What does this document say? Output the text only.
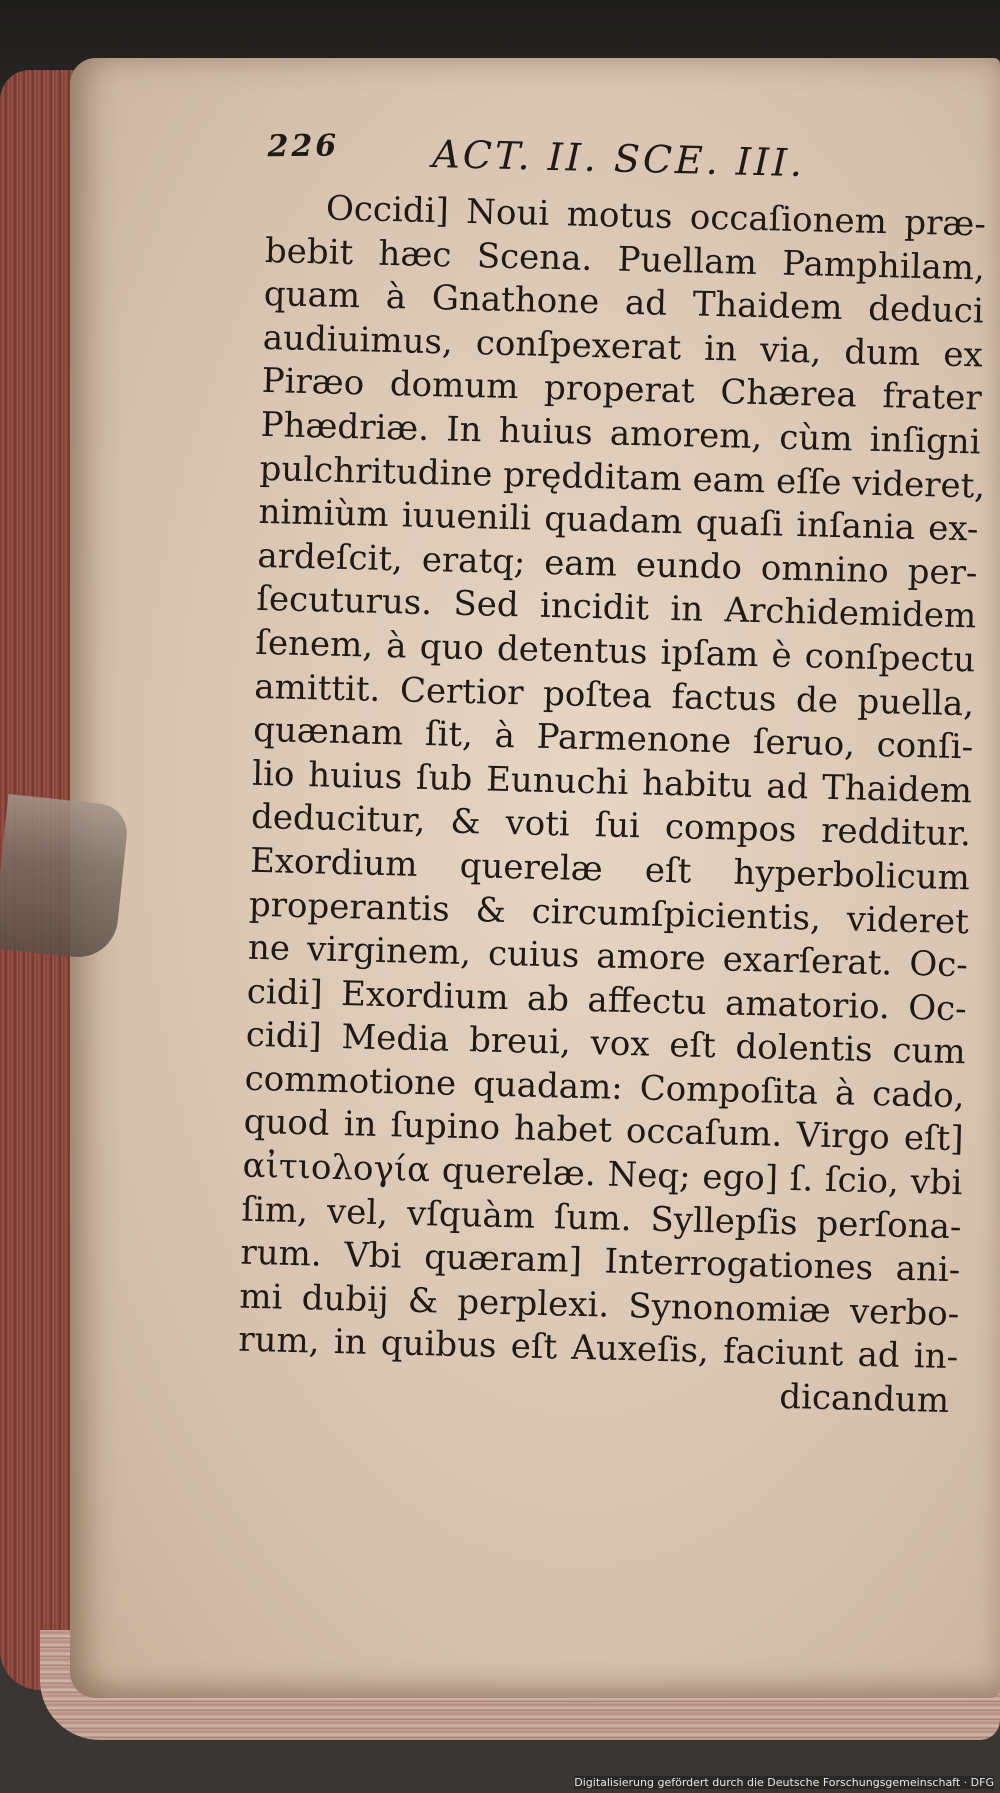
226 ACT. II. SCE. III.
Occidi] Noui motus occaſionem præ-
bebit hæc Scena. Puellam Pamphilam,
quam à Gnathone ad Thaidem deduci
audiuimus, conſpexerat in via, dum ex
Piræo domum properat Chærea frater
Phædriæ. In huius amorem, cùm inſigni
pulchritudine prędditam eam eſſe videret,
nimiùm iuuenili quadam quaſi inſania ex-
ardeſcit, eratq; eam eundo omnino per-
ſecuturus. Sed incidit in Archidemidem
ſenem, à quo detentus ipſam è conſpectu
amittit. Certior poſtea factus de puella,
quænam ſit, à Parmenone ſeruo, conſi-
lio huius ſub Eunuchi habitu ad Thaidem
deducitur, & voti ſui compos redditur.
Exordium querelæ eſt hyperbolicum
properantis & circumſpicientis, videret
ne virginem, cuius amore exarſerat. Oc-
cidi] Exordium ab affectu amatorio. Oc-
cidi] Media breui, vox eſt dolentis cum
commotione quadam: Compoſita à cado,
quod in ſupino habet occaſum. Virgo eſt]
αἰτιολογία querelæ. Neq; ego] ſ. ſcio, vbi
ſim, vel, vſquàm ſum. Syllepſis perſona-
rum. Vbi quæram] Interrogationes ani-
mi dubij & perplexi. Synonomiæ verbo-
rum, in quibus eſt Auxeſis, faciunt ad in-
dicandum
Digitalisierung gefördert durch die Deutsche Forschungsgemeinschaft · DFG
